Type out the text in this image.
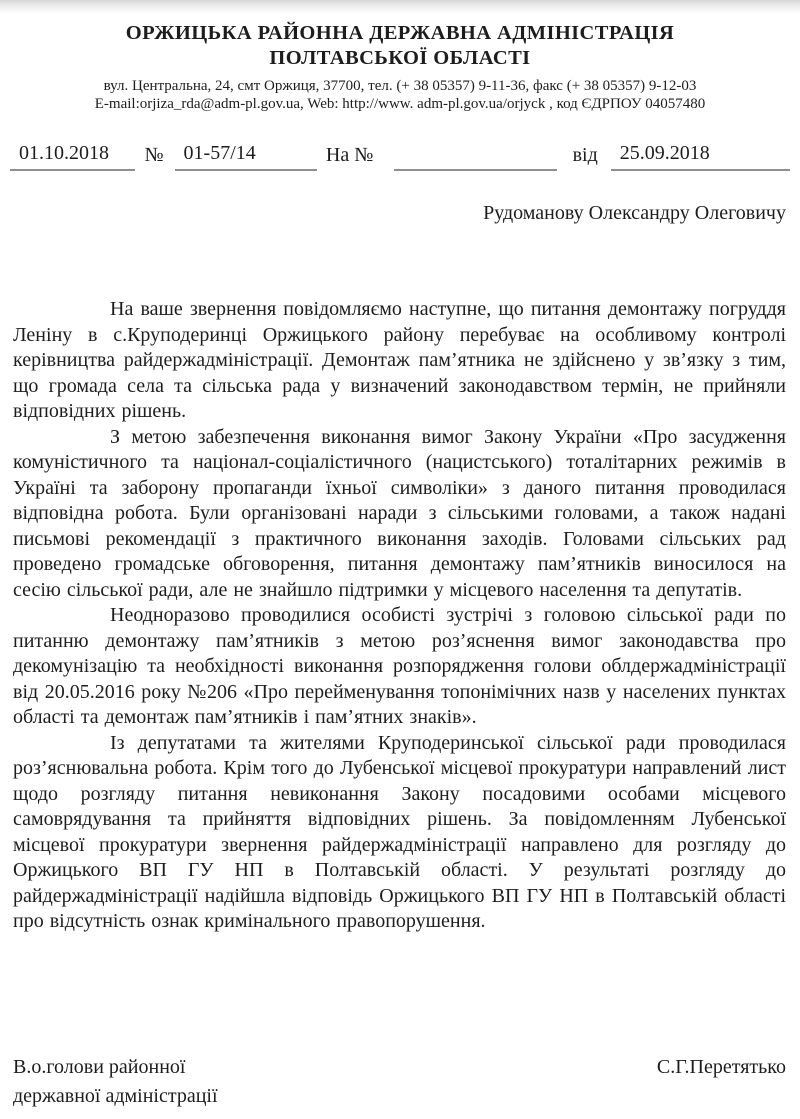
ОРЖИЦЬКА РАЙОННА ДЕРЖАВНА АДМІНІСТРАЦІЯ
ПОЛТАВСЬКОЇ ОБЛАСТІ
вул. Центральна, 24, смт Оржиця, 37700, тел. (+ 38 05357) 9-11-36, факс (+ 38 05357) 9-12-03
E-mail:orjiza_rda@adm-pl.gov.ua, Web: http://www. adm-pl.gov.ua/orjyck , код ЄДРПОУ 04057480
01.10.2018	№	01-57/14	На №	від	25.09.2018
Рудоманову Олександру Олеговичу

На ваше звернення повідомляємо наступне, що питання демонтажу погруддя Леніну в с.Круподеринці Оржицького району перебуває на особливому контролі керівництва райдержадміністрації. Демонтаж пам’ятника не здійснено у зв’язку з тим, що громада села та сільська рада у визначений законодавством термін, не прийняли відповідних рішень.

З метою забезпечення виконання вимог Закону України «Про засудження комуністичного та націонал-соціалістичного (нацистського) тоталітарних режимів в Україні та заборону пропаганди їхньої символіки» з даного питання проводилася відповідна робота. Були організовані наради з сільськими головами, а також надані письмові рекомендації з практичного виконання заходів. Головами сільських рад проведено громадське обговорення, питання демонтажу пам’ятників виносилося на сесію сільської ради, але не знайшло підтримки у місцевого населення та депутатів.

Неодноразово проводилися особисті зустрічі з головою сільської ради по питанню демонтажу пам’ятників з метою роз’яснення вимог законодавства про декомунізацію та необхідності виконання розпорядження голови облдержадміністрації від 20.05.2016 року №206 «Про перейменування топонімічних назв у населених пунктах області та демонтаж пам’ятників і пам’ятних знаків».

Із депутатами та жителями Круподеринської сільської ради проводилася роз’яснювальна робота. Крім того до Лубенської місцевої прокуратури направлений лист щодо розгляду питання невиконання Закону посадовими особами місцевого самоврядування та прийняття відповідних рішень. За повідомленням Лубенської місцевої прокуратури звернення райдержадміністрації направлено для розгляду до Оржицького ВП ГУ НП в Полтавській області. У результаті розгляду до райдержадміністрації надійшла відповідь Оржицького ВП ГУ НП в Полтавській області про відсутність ознак кримінального правопорушення.

В.о.голови районної
державної адміністрації
С.Г.Перетятько
